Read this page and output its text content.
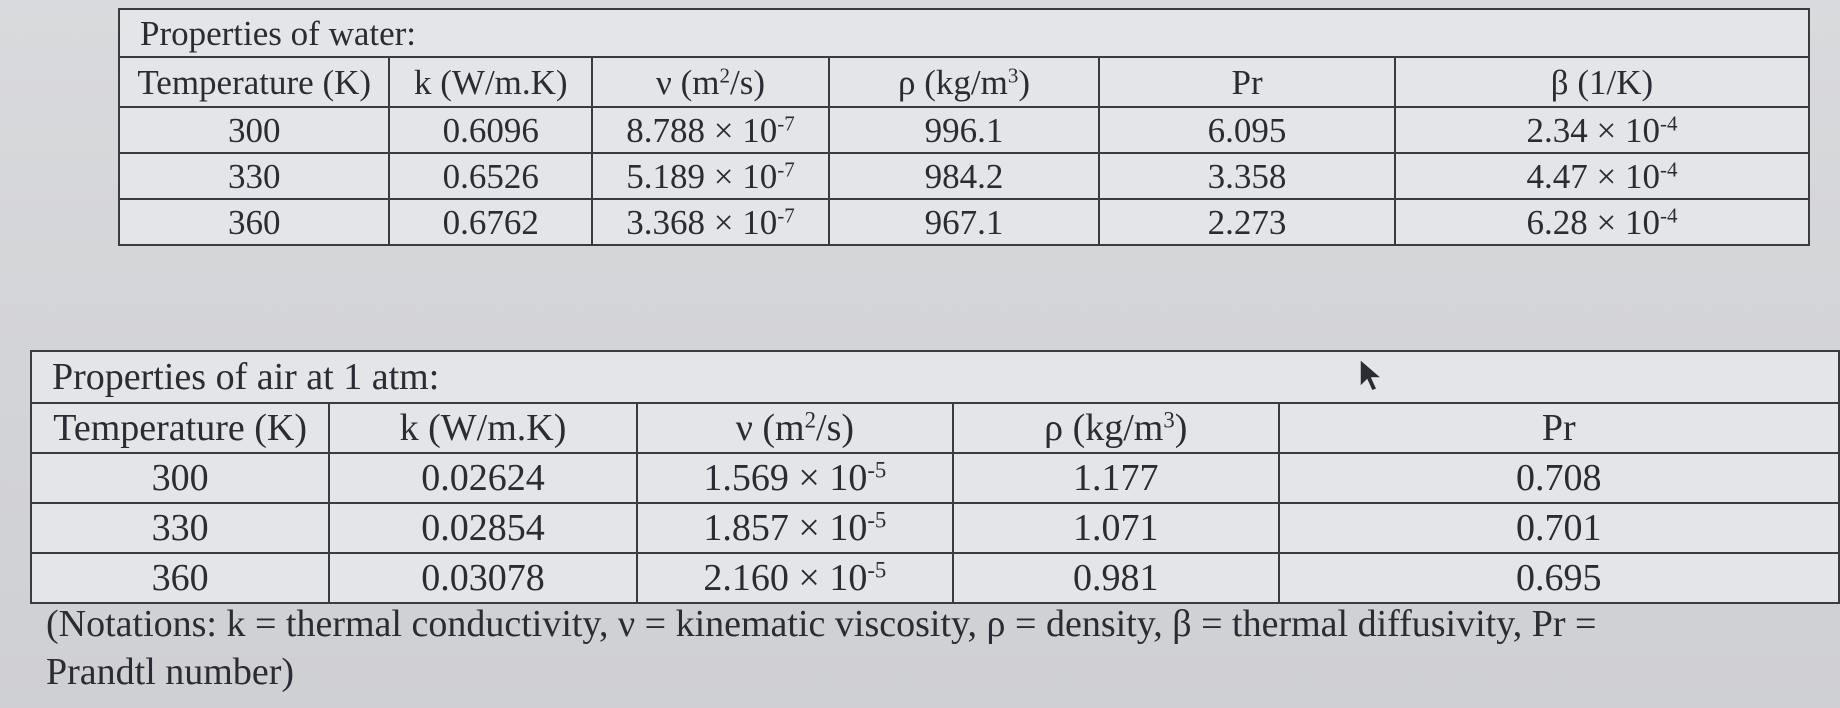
Properties of water:					
Temperature (K)	k (W/m.K)	ν $(m^2/s)$	ρ $(kg/m^3)$	Pr	β (1/K)
300	0.6096	$8.788 \times 10^{-7}$	996.1	6.095	$2.34 \times 10^{-4}$
330	0.6526	$5.189 \times 10^{-7}$	984.2	3.358	$4.47 \times 10^{-4}$
360	0.6762	$3.368 \times 10^{-7}$	967.1	2.273	$6.28 \times 10^{-4}$
Properties of air at 1 atm:				
Temperature (K)	k (W/m.K)	ν $(m^2/s)$	ρ $(kg/m^3)$	Pr
300	0.02624	$1.569 \times 10^{-5}$	1.177	0.708
330	0.02854	$1.857 \times 10^{-5}$	1.071	0.701
360	0.03078	$2.160 \times 10^{-5}$	0.981	0.695
(Notations: k = thermal conductivity, ν = kinematic viscosity, ρ = density, β = thermal diffusivity, Pr =
Prandtl number)
